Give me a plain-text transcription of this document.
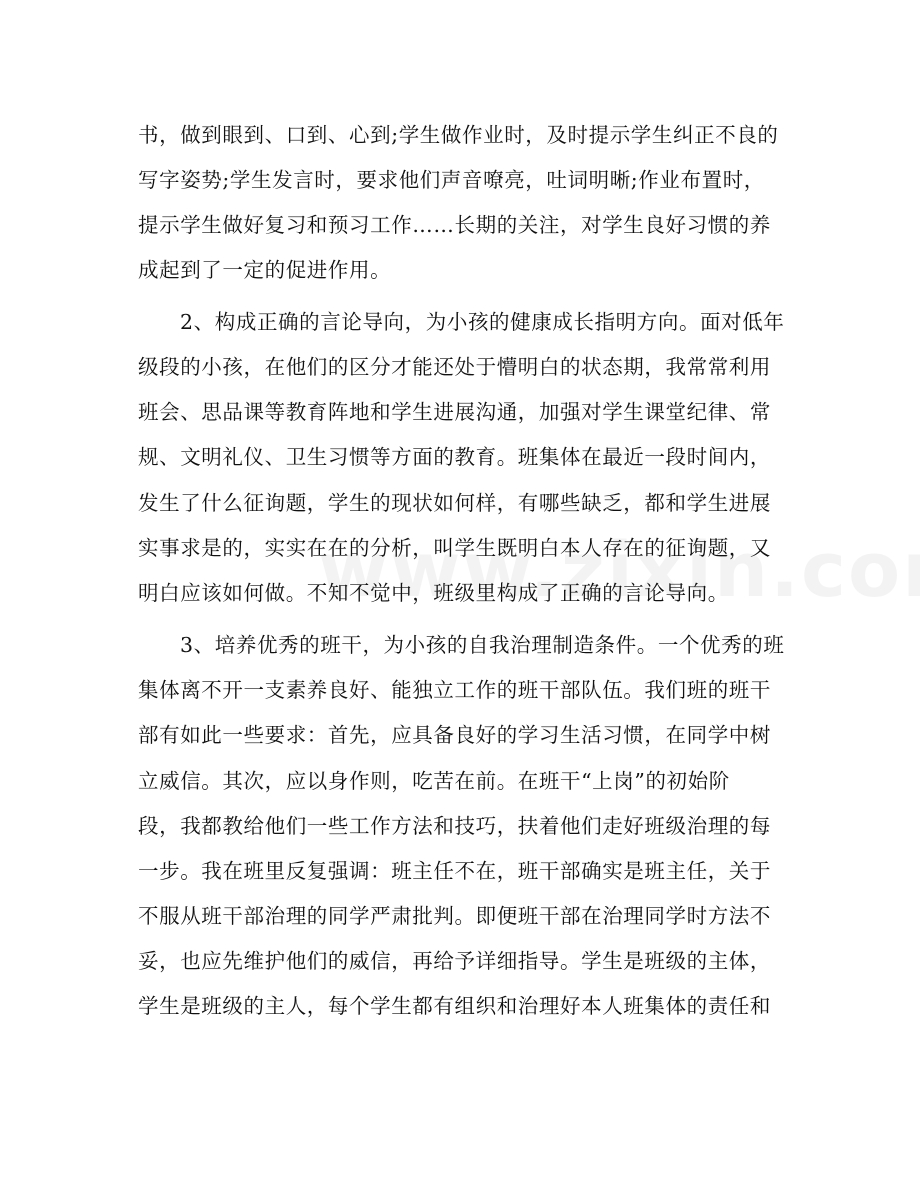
书，做到眼到、口到、心到;学生做作业时，及时提示学生纠正不良的
写字姿势;学生发言时，要求他们声音嘹亮，吐词明晰;作业布置时，
提示学生做好复习和预习工作……长期的关注，对学生良好习惯的养
成起到了一定的促进作用。
2、构成正确的言论导向，为小孩的健康成长指明方向。面对低年
级段的小孩，在他们的区分才能还处于懵明白的状态期，我常常利用
班会、思品课等教育阵地和学生进展沟通，加强对学生课堂纪律、常
规、文明礼仪、卫生习惯等方面的教育。班集体在最近一段时间内，
发生了什么征询题，学生的现状如何样，有哪些缺乏，都和学生进展
实事求是的，实实在在的分析，叫学生既明白本人存在的征询题，又
明白应该如何做。不知不觉中，班级里构成了正确的言论导向。
3、培养优秀的班干，为小孩的自我治理制造条件。一个优秀的班
集体离不开一支素养良好、能独立工作的班干部队伍。我们班的班干
部有如此一些要求：首先，应具备良好的学习生活习惯，在同学中树
立威信。其次，应以身作则，吃苦在前。在班干“上岗”的初始阶
段，我都教给他们一些工作方法和技巧，扶着他们走好班级治理的每
一步。我在班里反复强调：班主任不在，班干部确实是班主任，关于
不服从班干部治理的同学严肃批判。即便班干部在治理同学时方法不
妥，也应先维护他们的威信，再给予详细指导。学生是班级的主体，
学生是班级的主人，每个学生都有组织和治理好本人班集体的责任和
